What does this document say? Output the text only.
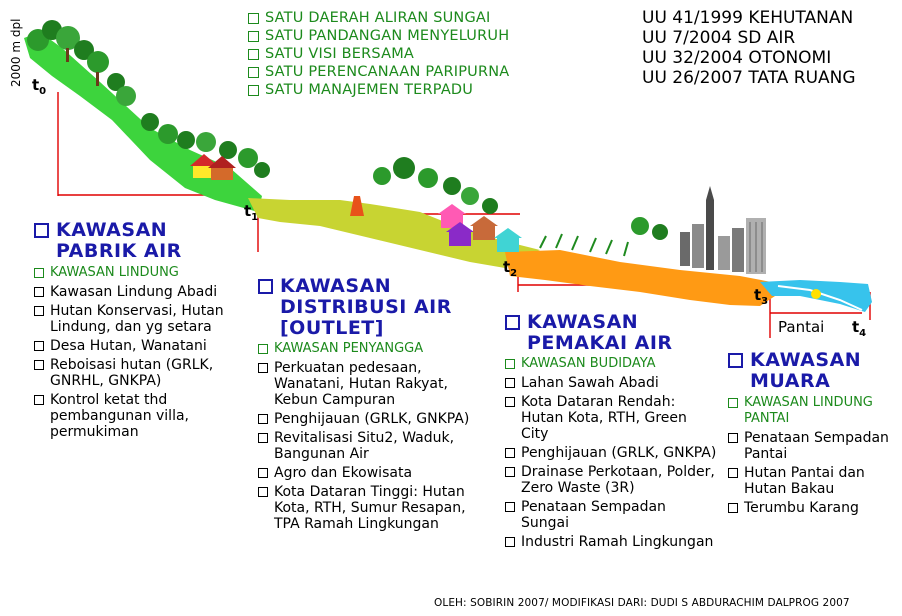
2000 m dpl $t_0$
$t_1$
$t_2$
$t_3$
$t_4$
Pantai
SATU DAERAH ALIRAN SUNGAI
SATU PANDANGAN MENYELURUH
SATU VISI BERSAMA
SATU PERENCANAAN PARIPURNA
SATU MANAJEMEN TERPADU
UU 41/1999 KEHUTANAN
UU 7/2004 SD AIR
UU 32/2004 OTONOMI
UU 26/2007 TATA RUANG
KAWASAN
PABRIK AIR
KAWASAN LINDUNG
Kawasan Lindung Abadi
Hutan Konservasi, Hutan Lindung, dan yg setara
Desa Hutan, Wanatani
Reboisasi hutan (GRLK, GNRHL, GNKPA)
Kontrol ketat thd pembangunan villa, permukiman
KAWASAN
DISTRIBUSI AIR
[OUTLET]
KAWASAN PENYANGGA
Perkuatan pedesaan, Wanatani, Hutan Rakyat, Kebun Campuran
Penghijauan (GRLK, GNKPA)
Revitalisasi Situ2, Waduk, Bangunan Air
Agro dan Ekowisata
Kota Dataran Tinggi: Hutan Kota, RTH, Sumur Resapan, TPA Ramah Lingkungan
KAWASAN
PEMAKAI AIR
KAWASAN BUDIDAYA
Lahan Sawah Abadi
Kota Dataran Rendah: Hutan Kota, RTH, Green City
Penghijauan (GRLK, GNKPA)
Drainase Perkotaan, Polder, Zero Waste (3R)
Penataan Sempadan Sungai
Industri Ramah Lingkungan
KAWASAN
MUARA
KAWASAN LINDUNG PANTAI
Penataan Sempadan Pantai
Hutan Pantai dan Hutan Bakau
Terumbu Karang
OLEH: SOBIRIN 2007/ MODIFIKASI DARI: DUDI S ABDURACHIM DALPROG 2007
